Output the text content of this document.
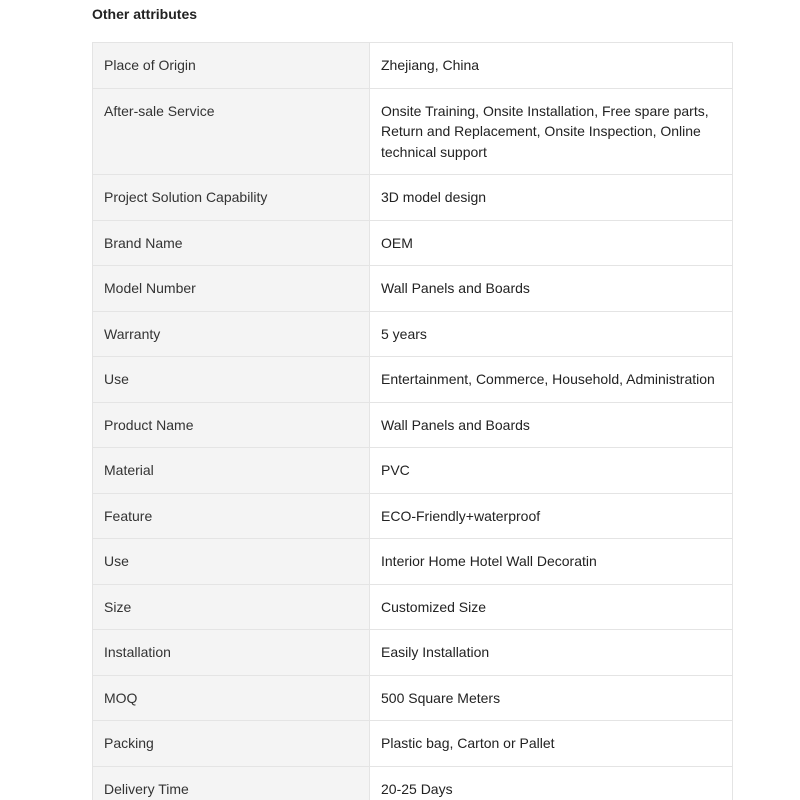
Other attributes
Place of Origin	Zhejiang, China
After-sale Service	Onsite Training, Onsite Installation, Free spare parts, Return and Replacement, Onsite Inspection, Online technical support
Project Solution Capability	3D model design
Brand Name	OEM
Model Number	Wall Panels and Boards
Warranty	5 years
Use	Entertainment, Commerce, Household, Administration
Product Name	Wall Panels and Boards
Material	PVC
Feature	ECO-Friendly+waterproof
Use	Interior Home Hotel Wall Decoratin
Size	Customized Size
Installation	Easily Installation
MOQ	500 Square Meters
Packing	Plastic bag, Carton or Pallet
Delivery Time	20-25 Days
